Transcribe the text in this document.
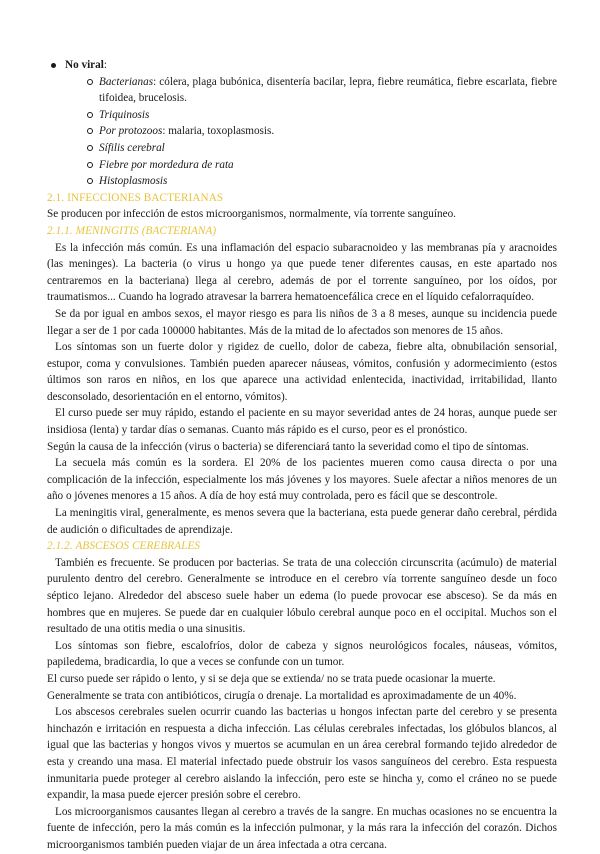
No viral:
Bacterianas: cólera, plaga bubónica, disentería bacilar, lepra, fiebre reumática, fiebre escarlata, fiebre tifoidea, brucelosis.
Triquinosis
Por protozoos: malaria, toxoplasmosis.
Sífilis cerebral
Fiebre por mordedura de rata
Histoplasmosis

2.1. INFECCIONES BACTERIANAS

Se producen por infección de estos microorganismos, normalmente, vía torrente sanguíneo.

2.1.1. MENINGITIS (BACTERIANA)

Es la infección más común. Es una inflamación del espacio subaracnoideo y las membranas pía y aracnoides (las meninges). La bacteria (o virus u hongo ya que puede tener diferentes causas, en este apartado nos centraremos en la bacteriana) llega al cerebro, además de por el torrente sanguíneo, por los oídos, por traumatismos... Cuando ha logrado atravesar la barrera hematoencefálica crece en el líquido cefalorraquídeo.

Se da por igual en ambos sexos, el mayor riesgo es para lis niños de 3 a 8 meses, aunque su incidencia puede llegar a ser de 1 por cada 100000 habitantes. Más de la mitad de lo afectados son menores de 15 años.

Los síntomas son un fuerte dolor y rigidez de cuello, dolor de cabeza, fiebre alta, obnubilación sensorial, estupor, coma y convulsiones. También pueden aparecer náuseas, vómitos, confusión y adormecimiento (estos últimos son raros en niños, en los que aparece una actividad enlentecida, inactividad, irritabilidad, llanto desconsolado, desorientación en el entorno, vómitos).

El curso puede ser muy rápido, estando el paciente en su mayor severidad antes de 24 horas, aunque puede ser insidiosa (lenta) y tardar días o semanas. Cuanto más rápido es el curso, peor es el pronóstico.

Según la causa de la infección (virus o bacteria) se diferenciará tanto la severidad como el tipo de síntomas.

La secuela más común es la sordera. El 20% de los pacientes mueren como causa directa o por una complicación de la infección, especialmente los más jóvenes y los mayores. Suele afectar a niños menores de un año o jóvenes menores a 15 años. A día de hoy está muy controlada, pero es fácil que se descontrole.

La meningitis viral, generalmente, es menos severa que la bacteriana, esta puede generar daño cerebral, pérdida de audición o dificultades de aprendizaje.

2.1.2. ABSCESOS CEREBRALES

También es frecuente. Se producen por bacterias. Se trata de una colección circunscrita (acúmulo) de material purulento dentro del cerebro. Generalmente se introduce en el cerebro vía torrente sanguíneo desde un foco séptico lejano. Alrededor del absceso suele haber un edema (lo puede provocar ese absceso). Se da más en hombres que en mujeres. Se puede dar en cualquier lóbulo cerebral aunque poco en el occipital. Muchos son el resultado de una otitis media o una sinusitis.

Los síntomas son fiebre, escalofríos, dolor de cabeza y signos neurológicos focales, náuseas, vómitos, papiledema, bradicardia, lo que a veces se confunde con un tumor.

El curso puede ser rápido o lento, y si se deja que se extienda/ no se trata puede ocasionar la muerte.

Generalmente se trata con antibióticos, cirugía o drenaje. La mortalidad es aproximadamente de un 40%.

Los abscesos cerebrales suelen ocurrir cuando las bacterias u hongos infectan parte del cerebro y se presenta hinchazón e irritación en respuesta a dicha infección. Las células cerebrales infectadas, los glóbulos blancos, al igual que las bacterias y hongos vivos y muertos se acumulan en un área cerebral formando tejido alrededor de esta y creando una masa. El material infectado puede obstruir los vasos sanguíneos del cerebro. Esta respuesta inmunitaria puede proteger al cerebro aislando la infección, pero este se hincha y, como el cráneo no se puede expandir, la masa puede ejercer presión sobre el cerebro.

Los microorganismos causantes llegan al cerebro a través de la sangre. En muchas ocasiones no se encuentra la fuente de infección, pero la más común es la infección pulmonar, y la más rara la infección del corazón. Dichos microorganismos también pueden viajar de un área infectada a otra cercana.
